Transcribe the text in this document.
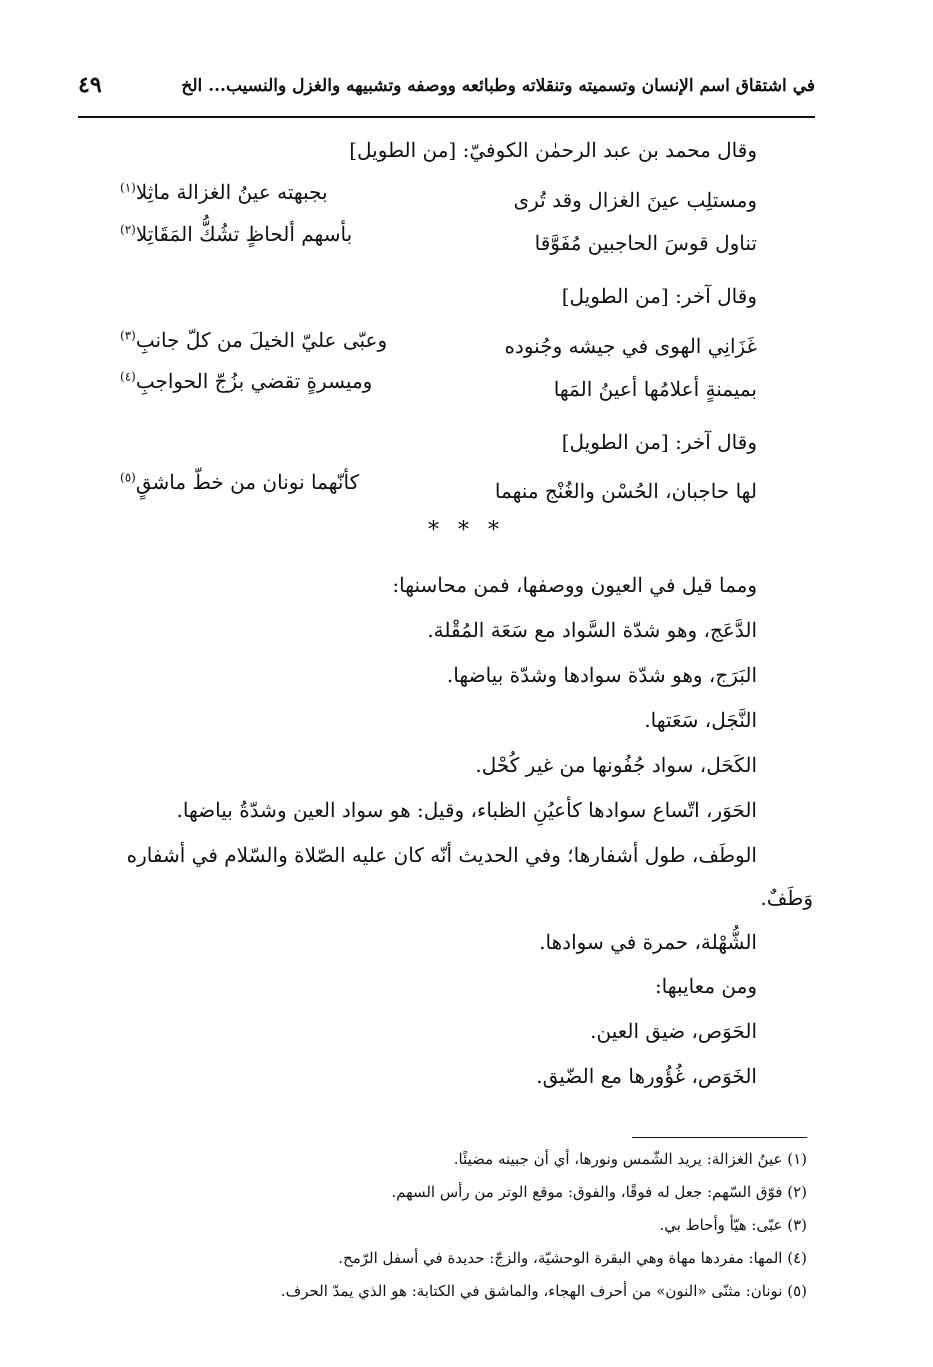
في اشتقاق اسم الإنسان وتسميته وتنقلاته وطبائعه ووصفه وتشبيهه والغزل والنسيب... الخ
٤٩
وقال محمد بن عبد الرحمٰن الكوفيّ: [من الطويل]
ومستلِب عينَ الغزال وقد تُرى
بجبهته عينُ الغزالة ماثِلا$^{(١)}$
تناول قوسَ الحاجبين مُفَوَّقا
بأسهم ألحاظٍ تشُكُّ المَقَاتِلا$^{(٢)}$
وقال آخر: [من الطويل]
غَزَانِي الهوى في جيشه وجُنوده
وعبّى عليّ الخيلَ من كلّ جانبِ$^{(٣)}$
بميمنةٍ أعلامُها أعينُ المَها
وميسرةٍ تقضي بزُجّ الحواجبِ$^{(٤)}$
وقال آخر: [من الطويل]
لها حاجبان، الحُسْن والغُنْج منهما
كأنّهما نونان من خطّ ماشقٍ$^{(٥)}$
* * *
ومما قيل في العيون ووصفها، فمن محاسنها:
الدَّعَج، وهو شدّة السَّواد مع سَعَة المُقْلة.
البَرَج، وهو شدّة سوادها وشدّة بياضها.
النَّجَل، سَعَتها.
الكَحَل، سواد جُفُونها من غير كُحْل.
الحَوَر، اتّساع سوادها كأعيُنِ الظباء، وقيل: هو سواد العين وشدّةُ بياضها.
الوطَف، طول أشفارها؛ وفي الحديث أنّه كان عليه الصّلاة والسّلام في أشفاره
وَطَفٌ.
الشُّهْلة، حمرة في سوادها.
ومن معايبها:
الحَوَص، ضيق العين.
الخَوَص، غُؤُورها مع الضّيق.
(١) عينُ الغزالة: يريد الشّمس ونورها، أي أن جبينه مضيئًا.
(٢) فوّق السّهم: جعل له فوقًا، والفوق: موقع الوتر من رأس السهم.
(٣) عبّى: هيّأ وأحاط بي.
(٤) المها: مفردها مهاة وهي البقرة الوحشيّة، والزجّ: حديدة في أسفل الرّمح.
(٥) نونان: مثنّى «النون» من أحرف الهجاء، والماشق في الكتابة: هو الذي يمدّ الحرف.
